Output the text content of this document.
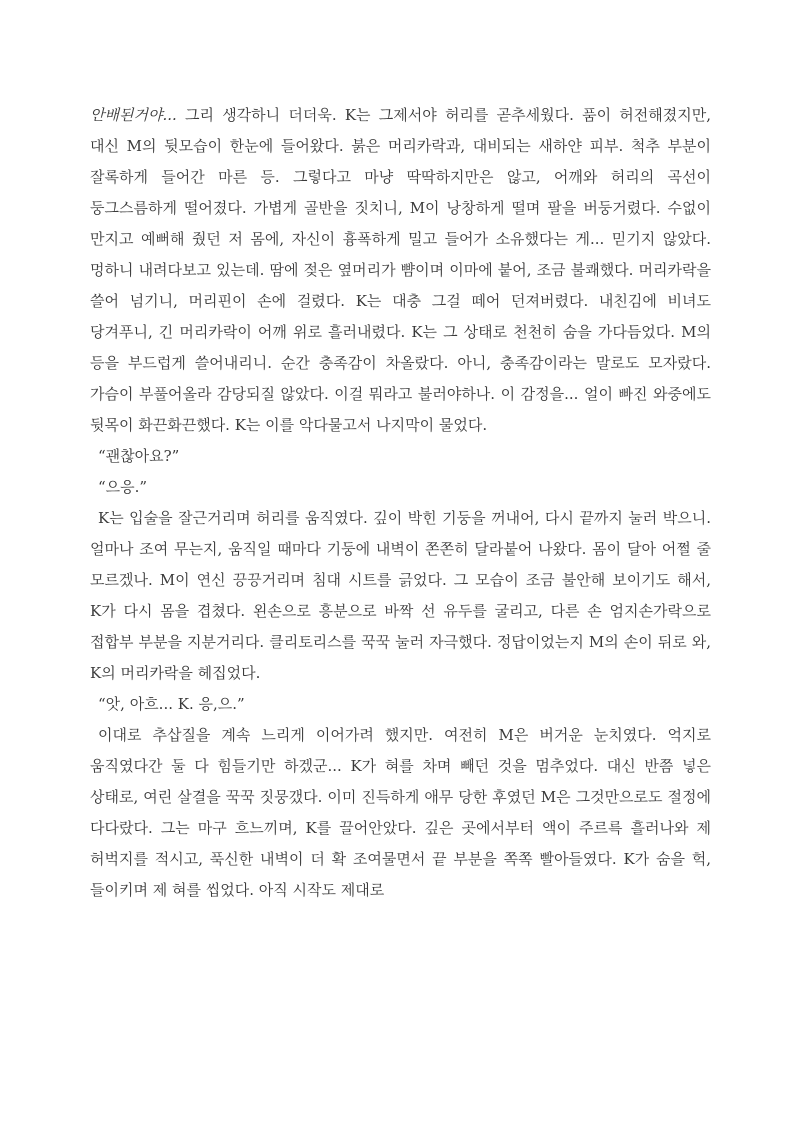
안배된거야... 그리 생각하니 더더욱. K는 그제서야 허리를 곧추세웠다. 품이 허전해졌지만, 대신 M의 뒷모습이 한눈에 들어왔다. 붉은 머리카락과, 대비되는 새하얀 피부. 척추 부분이 잘록하게 들어간 마른 등. 그렇다고 마냥 딱딱하지만은 않고, 어깨와 허리의 곡선이 둥그스름하게 떨어졌다. 가볍게 골반을 짓치니, M이 낭창하게 떨며 팔을 버둥거렸다. 수없이 만지고 예뻐해 줬던 저 몸에, 자신이 흉폭하게 밀고 들어가 소유했다는 게... 믿기지 않았다. 멍하니 내려다보고 있는데. 땀에 젖은 옆머리가 뺨이며 이마에 붙어, 조금 불쾌했다. 머리카락을 쓸어 넘기니, 머리핀이 손에 걸렸다. K는 대충 그걸 떼어 던져버렸다. 내친김에 비녀도 당겨푸니, 긴 머리카락이 어깨 위로 흘러내렸다. K는 그 상태로 천천히 숨을 가다듬었다. M의 등을 부드럽게 쓸어내리니. 순간 충족감이 차올랐다. 아니, 충족감이라는 말로도 모자랐다. 가슴이 부풀어올라 감당되질 않았다. 이걸 뭐라고 불러야하나. 이 감정을... 얼이 빠진 와중에도 뒷목이 화끈화끈했다. K는 이를 악다물고서 나지막이 물었다.

“괜찮아요?”

“으응.”

K는 입술을 잘근거리며 허리를 움직였다. 깊이 박힌 기둥을 꺼내어, 다시 끝까지 눌러 박으니. 얼마나 조여 무는지, 움직일 때마다 기둥에 내벽이 쫀쫀히 달라붙어 나왔다. 몸이 달아 어쩔 줄 모르겠나. M이 연신 끙끙거리며 침대 시트를 긁었다. 그 모습이 조금 불안해 보이기도 해서, K가 다시 몸을 겹쳤다. 왼손으로 흥분으로 바짝 선 유두를 굴리고, 다른 손 엄지손가락으로 접합부 부분을 지분거리다. 클리토리스를 꾹꾹 눌러 자극했다. 정답이었는지 M의 손이 뒤로 와, K의 머리카락을 헤집었다.

“앗, 아흐... K. 응,으.”

이대로 추삽질을 계속 느리게 이어가려 했지만. 여전히 M은 버거운 눈치였다. 억지로 움직였다간 둘 다 힘들기만 하겠군... K가 혀를 차며 빼던 것을 멈추었다. 대신 반쯤 넣은 상태로, 여린 살결을 꾹꾹 짓뭉갰다. 이미 진득하게 애무 당한 후였던 M은 그것만으로도 절정에 다다랐다. 그는 마구 흐느끼며, K를 끌어안았다. 깊은 곳에서부터 액이 주르륵 흘러나와 제 허벅지를 적시고, 푹신한 내벽이 더 확 조여물면서 끝 부분을 쪽쪽 빨아들였다. K가 숨을 헉, 들이키며 제 혀를 씹었다. 아직 시작도 제대로
